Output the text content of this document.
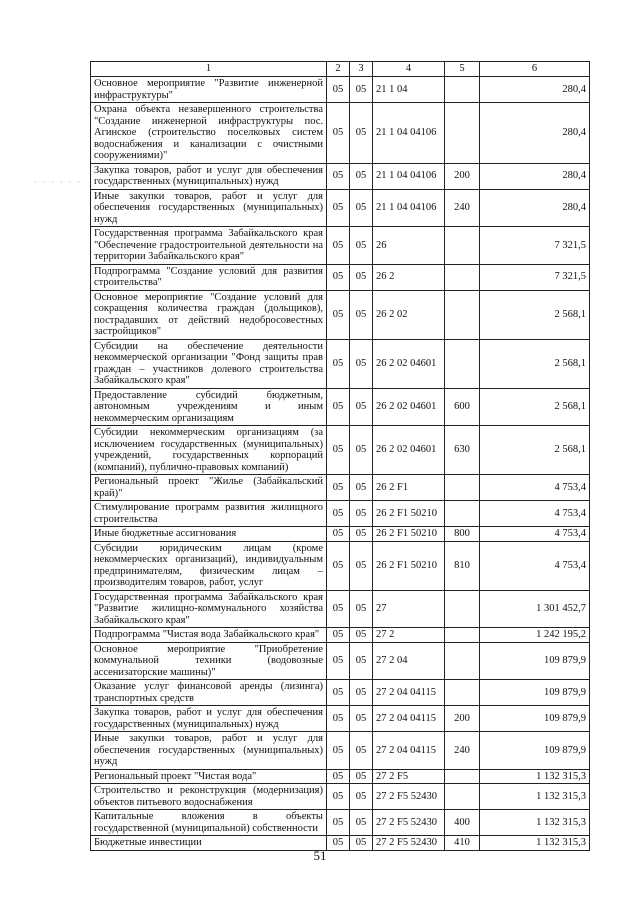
· · · · · ·
1	2	3	4	5	6
Основное мероприятие "Развитие инженерной инфраструктуры"	05	05	21 1 04		280,4
Охрана объекта незавершенного строительства "Создание инженерной инфраструктуры пос. Агинское (строительство поселковых систем водоснабжения и канализации с очистными сооружениями)"	05	05	21 1 04 04106		280,4
Закупка товаров, работ и услуг для обеспечения государственных (муниципальных) нужд	05	05	21 1 04 04106	200	280,4
Иные закупки товаров, работ и услуг для обеспечения государственных (муниципальных) нужд	05	05	21 1 04 04106	240	280,4
Государственная программа Забайкальского края "Обеспечение градостроительной деятельности на территории Забайкальского края"	05	05	26		7 321,5
Подпрограмма "Создание условий для развития строительства"	05	05	26 2		7 321,5
Основное мероприятие "Создание условий для сокращения количества граждан (дольщиков), пострадавших от действий недобросовестных застройщиков"	05	05	26 2 02		2 568,1
Субсидии на обеспечение деятельности некоммерческой организации "Фонд защиты прав граждан – участников долевого строительства Забайкальского края"	05	05	26 2 02 04601		2 568,1
Предоставление субсидий бюджетным, автономным учреждениям и иным некоммерческим организациям	05	05	26 2 02 04601	600	2 568,1
Субсидии некоммерческим организациям (за исключением государственных (муниципальных) учреждений, государственных корпораций (компаний), публично-правовых компаний)	05	05	26 2 02 04601	630	2 568,1
Региональный проект "Жилье (Забайкальский край)"	05	05	26 2 F1		4 753,4
Стимулирование программ развития жилищного строительства	05	05	26 2 F1 50210		4 753,4
Иные бюджетные ассигнования	05	05	26 2 F1 50210	800	4 753,4
Субсидии юридическим лицам (кроме некоммерческих организаций), индивидуальным предпринимателям, физическим лицам – производителям товаров, работ, услуг	05	05	26 2 F1 50210	810	4 753,4
Государственная программа Забайкальского края "Развитие жилищно-коммунального хозяйства Забайкальского края"	05	05	27		1 301 452,7
Подпрограмма "Чистая вода Забайкальского края"	05	05	27 2		1 242 195,2
Основное мероприятие "Приобретение коммунальной техники (водовозные ассенизаторские машины)"	05	05	27 2 04		109 879,9
Оказание услуг финансовой аренды (лизинга) транспортных средств	05	05	27 2 04 04115		109 879,9
Закупка товаров, работ и услуг для обеспечения государственных (муниципальных) нужд	05	05	27 2 04 04115	200	109 879,9
Иные закупки товаров, работ и услуг для обеспечения государственных (муниципальных) нужд	05	05	27 2 04 04115	240	109 879,9
Региональный проект "Чистая вода"	05	05	27 2 F5		1 132 315,3
Строительство и реконструкция (модернизация) объектов питьевого водоснабжения	05	05	27 2 F5 52430		1 132 315,3
Капитальные вложения в объекты государственной (муниципальной) собственности	05	05	27 2 F5 52430	400	1 132 315,3
Бюджетные инвестиции	05	05	27 2 F5 52430	410	1 132 315,3
51
